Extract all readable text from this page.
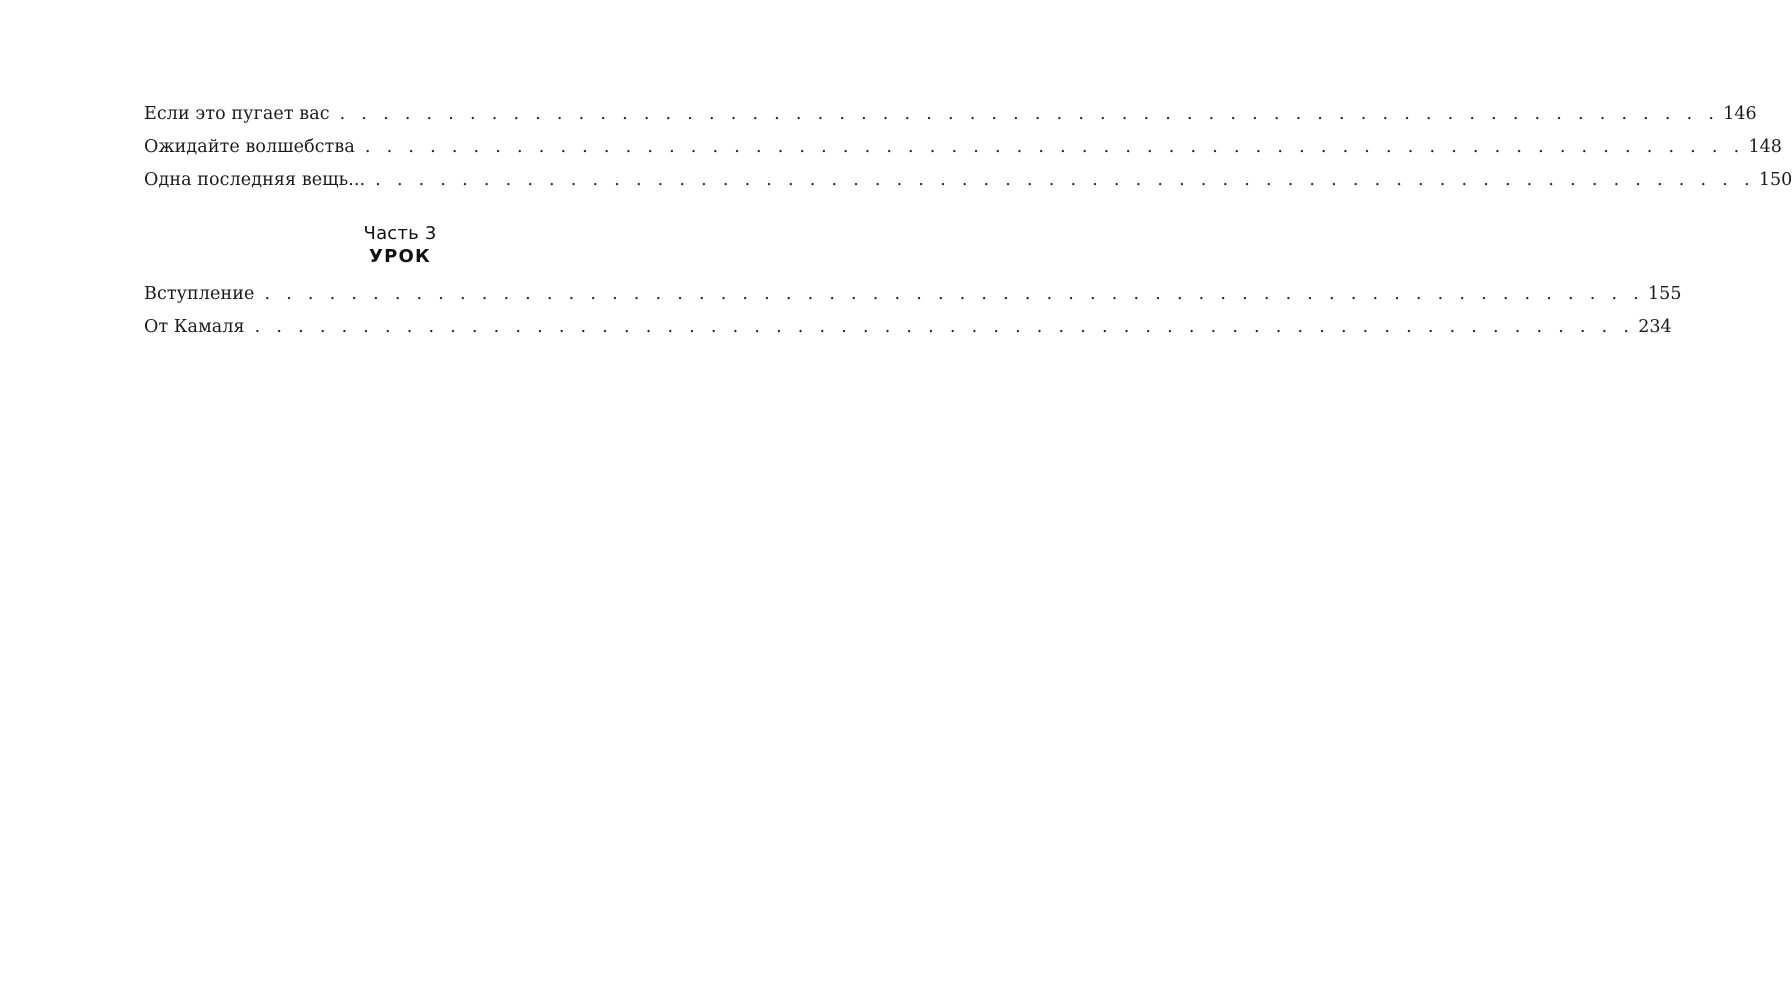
Если это пугает вас . . . . . . . . . . . . . . . . . . . . . . . . . . . . . . . . . . . . . . . . . . . . . . . . . . . . . . . . . . . . . . . . 146
Ожидайте волшебства . . . . . . . . . . . . . . . . . . . . . . . . . . . . . . . . . . . . . . . . . . . . . . . . . . . . . . . . . . . . . . . . 148
Одна последняя вещь... . . . . . . . . . . . . . . . . . . . . . . . . . . . . . . . . . . . . . . . . . . . . . . . . . . . . . . . . . . . . . . . . 150
Часть 3
УРОК
Вступление . . . . . . . . . . . . . . . . . . . . . . . . . . . . . . . . . . . . . . . . . . . . . . . . . . . . . . . . . . . . . . . . 155
От Камаля . . . . . . . . . . . . . . . . . . . . . . . . . . . . . . . . . . . . . . . . . . . . . . . . . . . . . . . . . . . . . . . . 234
